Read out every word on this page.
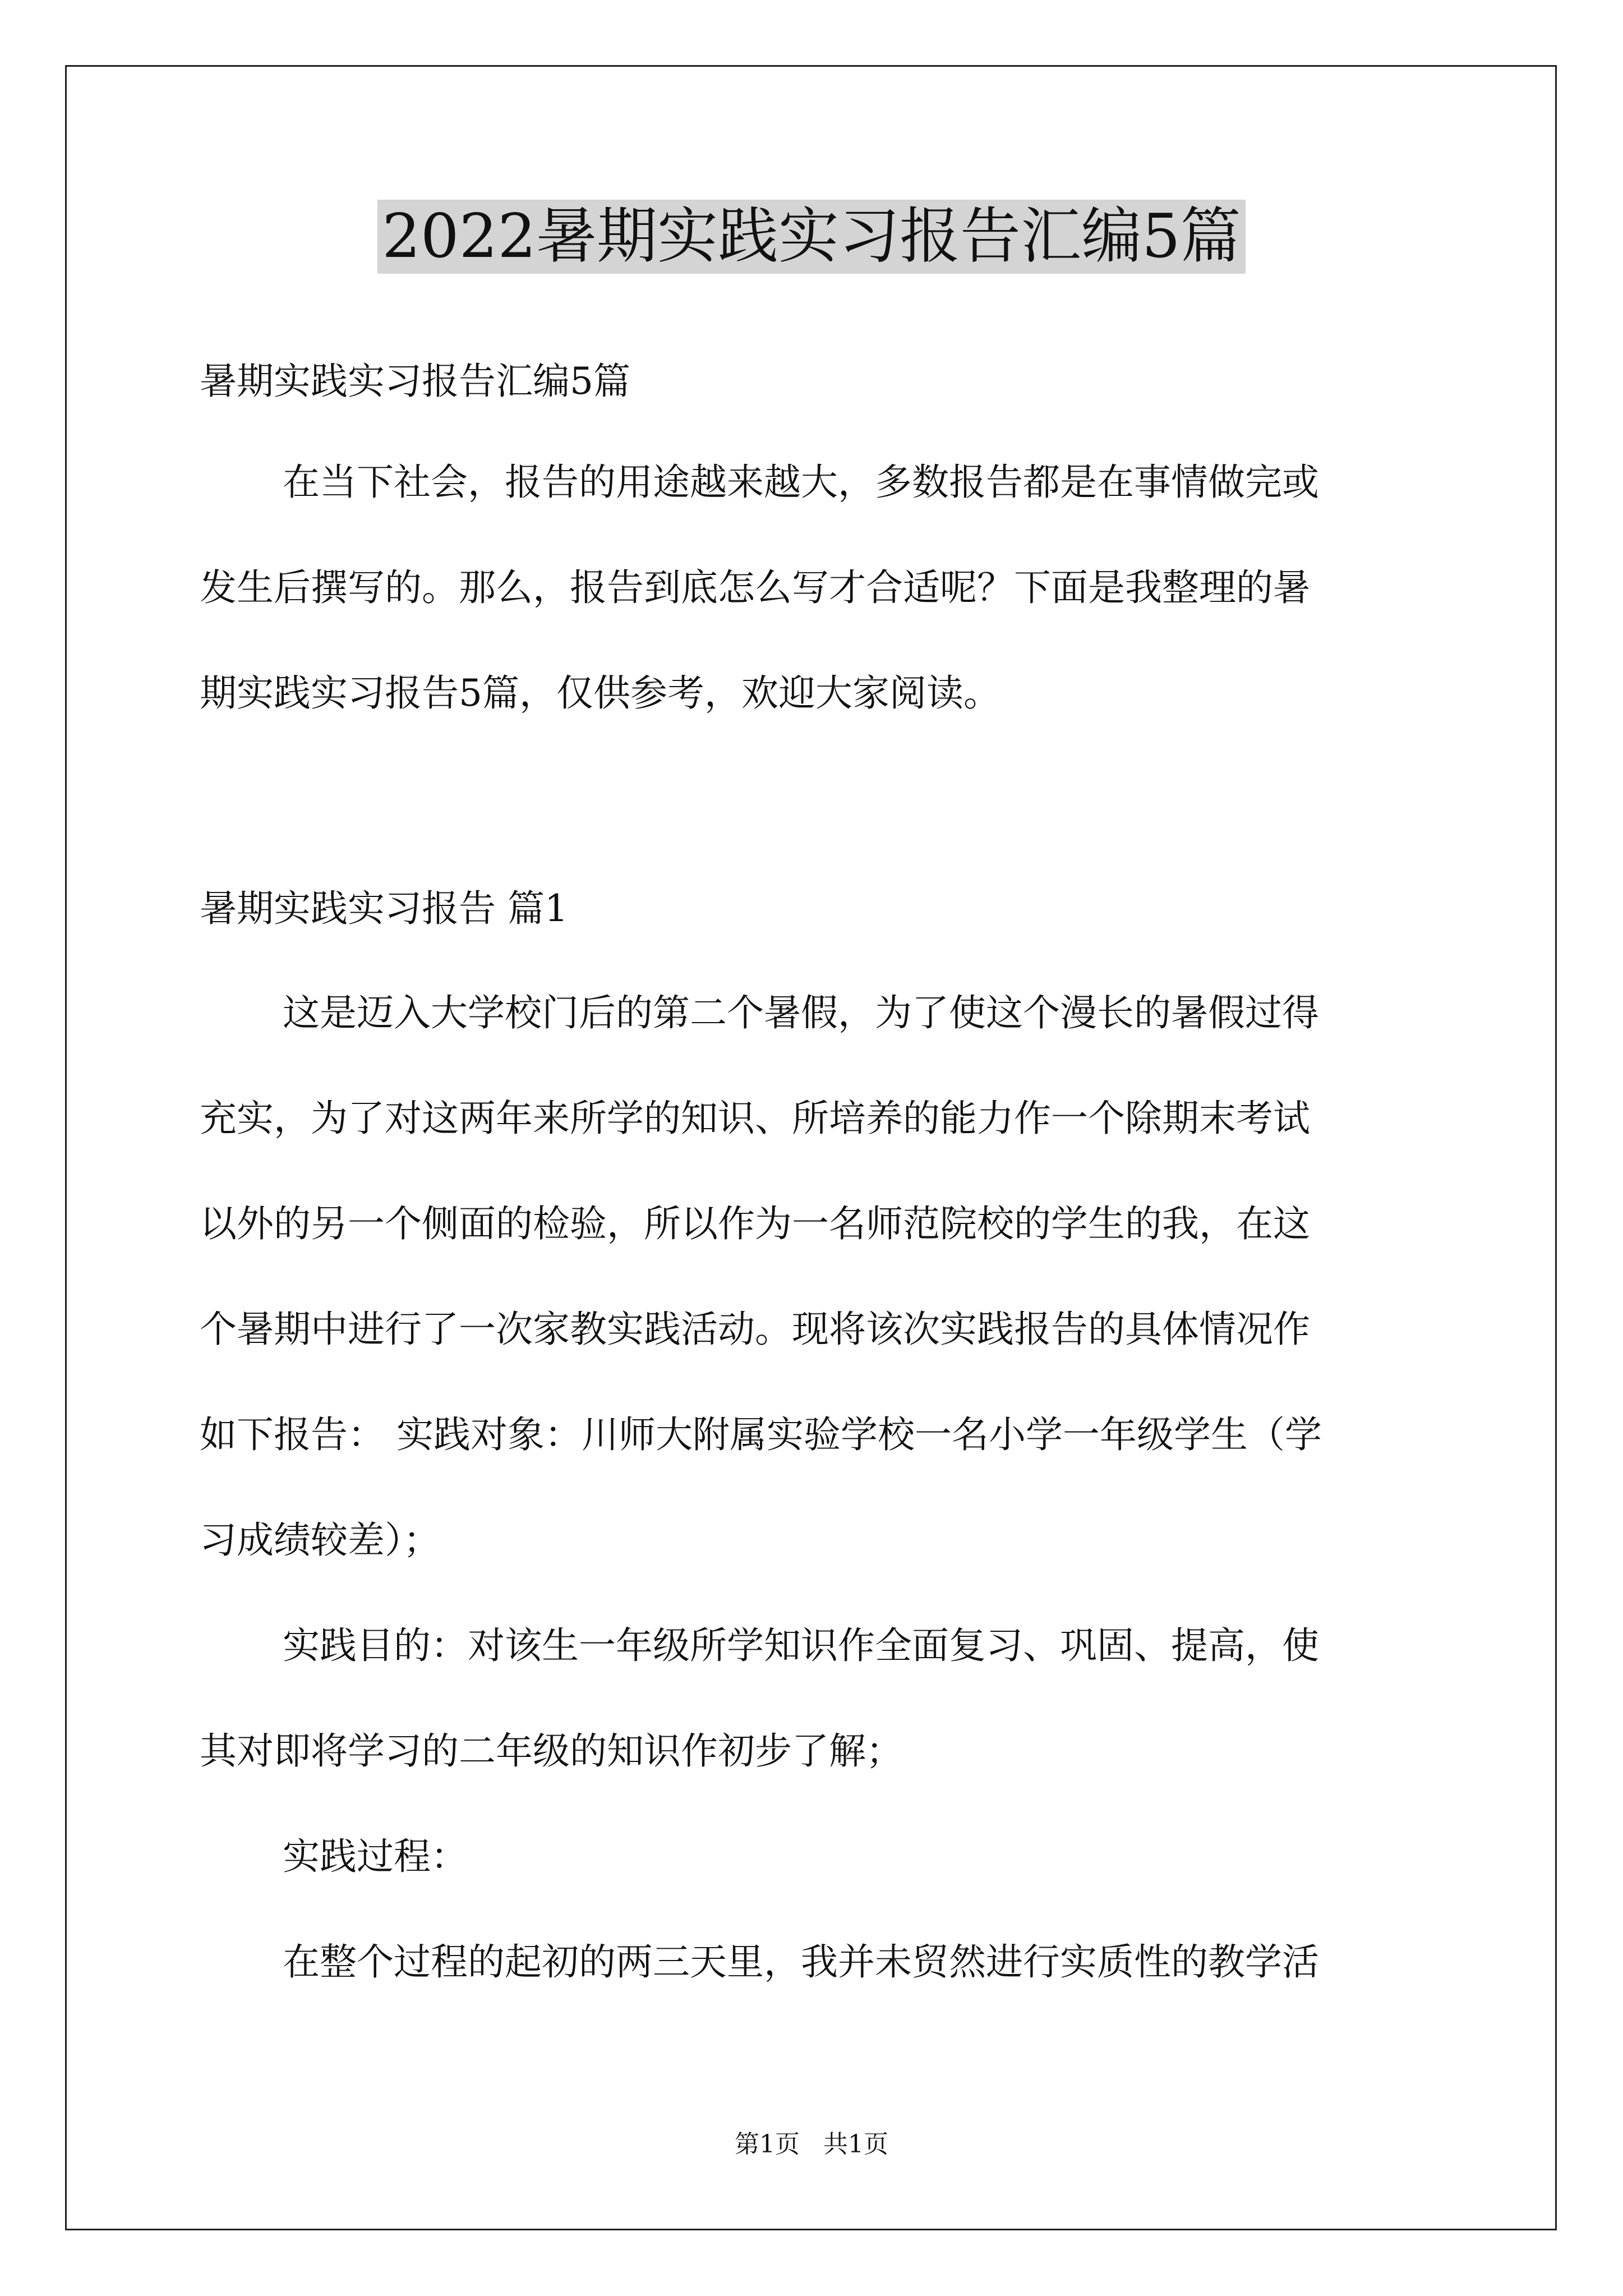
2022暑期实践实习报告汇编5篇
暑期实践实习报告汇编5篇
在当下社会，报告的用途越来越大，多数报告都是在事情做完或
发生后撰写的。那么，报告到底怎么写才合适呢？下面是我整理的暑
期实践实习报告5篇，仅供参考，欢迎大家阅读。
暑期实践实习报告 篇1
这是迈入大学校门后的第二个暑假，为了使这个漫长的暑假过得
充实，为了对这两年来所学的知识、所培养的能力作一个除期末考试
以外的另一个侧面的检验，所以作为一名师范院校的学生的我，在这
个暑期中进行了一次家教实践活动。现将该次实践报告的具体情况作
如下报告： 实践对象：川师大附属实验学校一名小学一年级学生（学
习成绩较差）；
实践目的：对该生一年级所学知识作全面复习、巩固、提高，使
其对即将学习的二年级的知识作初步了解；
实践过程：
在整个过程的起初的两三天里，我并未贸然进行实质性的教学活
第1页   共1页
